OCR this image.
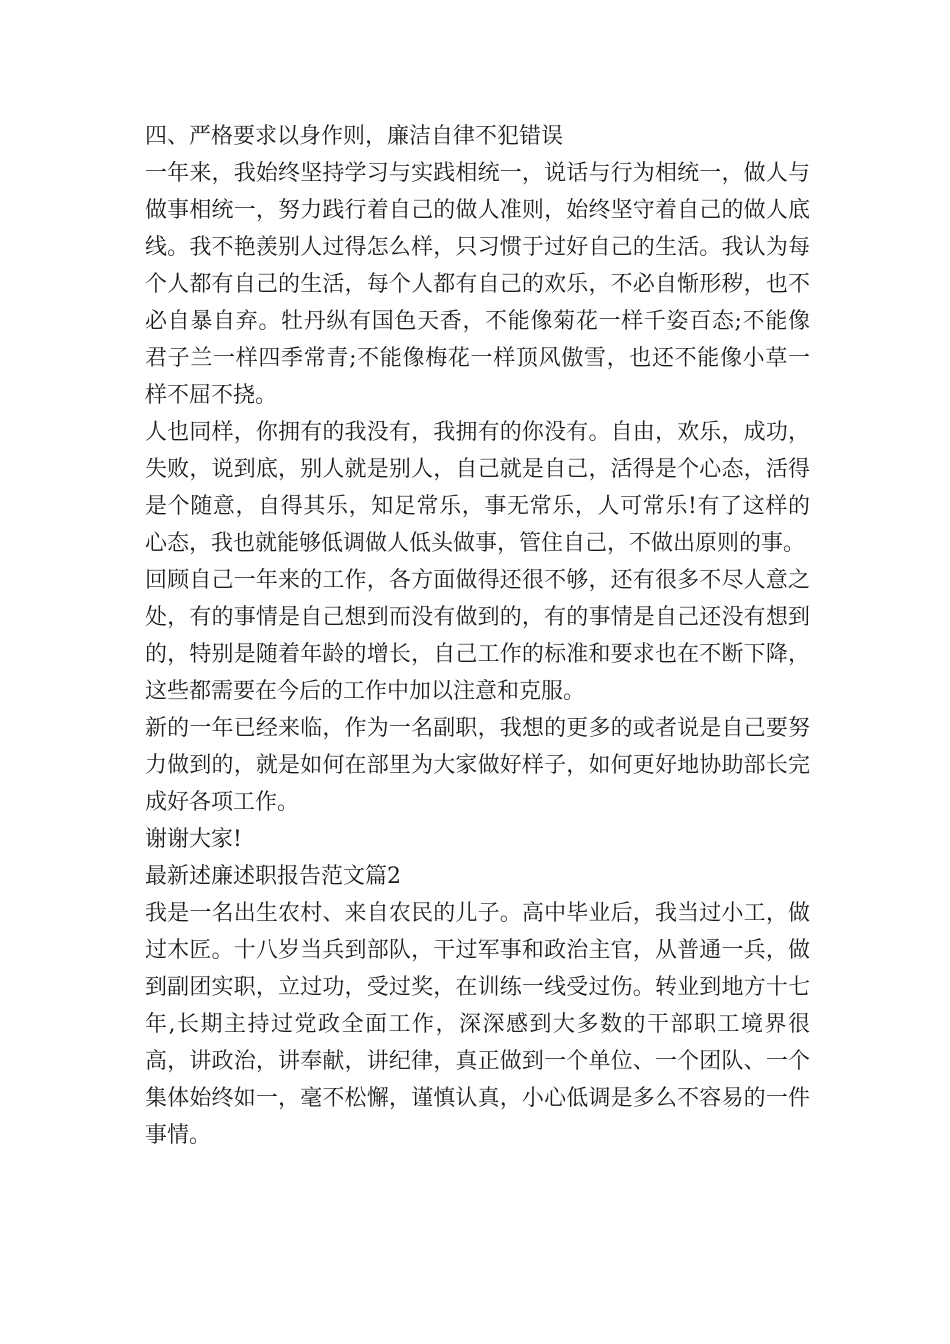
四、严格要求以身作则，廉洁自律不犯错误

一年来，我始终坚持学习与实践相统一，说话与行为相统一，做人与做事相统一，努力践行着自己的做人准则，始终坚守着自己的做人底线。我不艳羡别人过得怎么样，只习惯于过好自己的生活。我认为每个人都有自己的生活，每个人都有自己的欢乐，不必自惭形秽，也不必自暴自弃。牡丹纵有国色天香，不能像菊花一样千姿百态;不能像君子兰一样四季常青;不能像梅花一样顶风傲雪，也还不能像小草一样不屈不挠。

人也同样，你拥有的我没有，我拥有的你没有。自由，欢乐，成功，失败，说到底，别人就是别人，自己就是自己，活得是个心态，活得是个随意，自得其乐，知足常乐，事无常乐，人可常乐!有了这样的心态，我也就能够低调做人低头做事，管住自己，不做出原则的事。

回顾自己一年来的工作，各方面做得还很不够，还有很多不尽人意之处，有的事情是自己想到而没有做到的，有的事情是自己还没有想到的，特别是随着年龄的增长，自己工作的标准和要求也在不断下降，这些都需要在今后的工作中加以注意和克服。

新的一年已经来临，作为一名副职，我想的更多的或者说是自己要努力做到的，就是如何在部里为大家做好样子，如何更好地协助部长完成好各项工作。

谢谢大家!

最新述廉述职报告范文篇2

我是一名出生农村、来自农民的儿子。高中毕业后，我当过小工，做过木匠。十八岁当兵到部队，干过军事和政治主官，从普通一兵，做到副团实职，立过功，受过奖，在训练一线受过伤。转业到地方十七年,长期主持过党政全面工作，深深感到大多数的干部职工境界很高，讲政治，讲奉献，讲纪律，真正做到一个单位、一个团队、一个集体始终如一，毫不松懈，谨慎认真，小心低调是多么不容易的一件事情。
